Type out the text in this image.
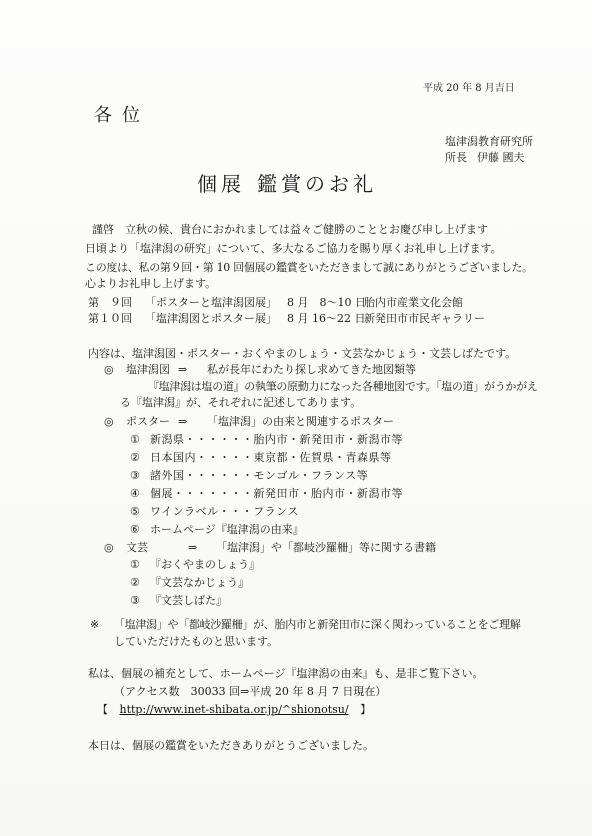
平成 20 年 8 月吉日
各位
塩津潟教育研究所
所長 伊藤 國夫
個展 鑑賞のお礼
謹啓　立秋の候、貴台におかれましては益々ご健勝のこととお慶び申し上げます
日頃より「塩津潟の研究」について、多大なるご協力を賜り厚くお礼申し上げます。
この度は、私の第９回・第 10 回個展の鑑賞をいただきまして誠にありがとうございました。
心よりお礼申し上げます。
第　９回 「ポスターと塩津潟図展」 8 月　8～10 日
胎内市産業文化会館
第１０回 「塩津潟図とポスター展」 8 月 16～22 日
新発田市市民ギャラリー
内容は、塩津潟図・ポスター・おくやまのしょう・文芸なかじょう・文芸しばたです。
◎ 塩津潟図 ⇒ 私が長年にわたり探し求めてきた地図類等
『塩津潟は塩の道』の執筆の原動力になった各種地図です。「塩の道」がうかがえ
る『塩津潟』が、それぞれに記述してあります。
◎ ポスター ⇒ 「塩津潟」の由来と関連するポスター
① 新潟県・・・・・・胎内市・新発田市・新潟市等
② 日本国内・・・・・東京都・佐賀県・青森県等
③ 諸外国・・・・・・モンゴル・フランス等
④ 個展・・・・・・・新発田市・胎内市・新潟市等
⑤ ワインラベル・・・フランス
⑥ ホームページ『塩津潟の由来』
◎ 文芸	⇒ 「塩津潟」や「都岐沙羅柵」等に関する書籍
① 『おくやまのしょう』
② 『文芸なかじょう』
③ 『文芸しばた』
※ 「塩津潟」や「都岐沙羅柵」が、胎内市と新発田市に深く関わっていることをご理解
していただけたものと思います。
私は、個展の補充として、ホームページ『塩津潟の由来』も、是非ご覧下さい。
（アクセス数　30033 回⇒平成 20 年 8 月 7 日現在）
【 http://www.inet-shibata.or.jp/^shionotsu/ 】
本日は、個展の鑑賞をいただきありがとうございました。
